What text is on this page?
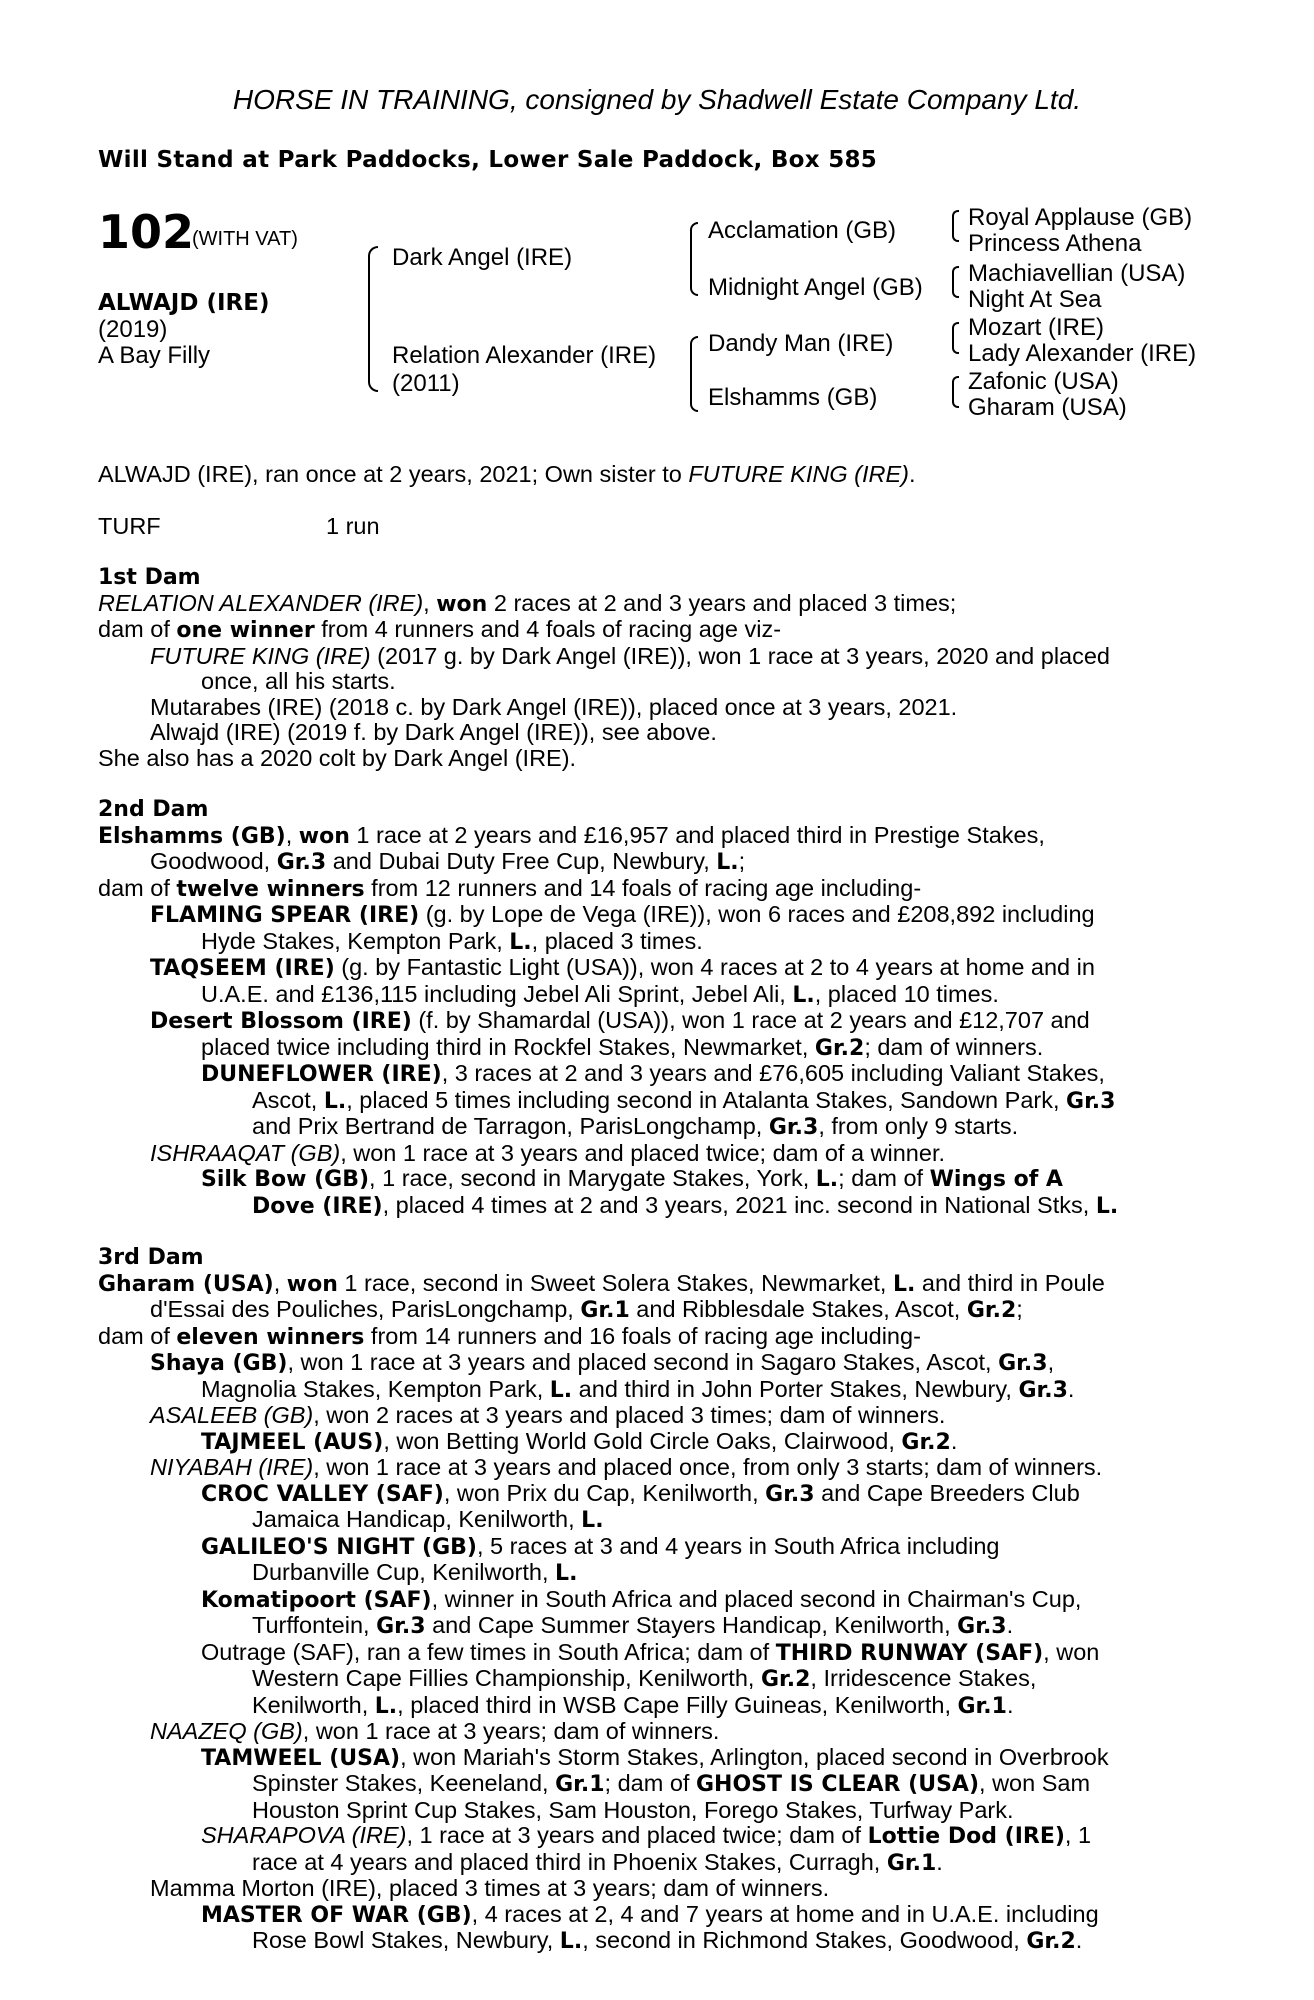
HORSE IN TRAINING, consigned by Shadwell Estate Company Ltd.
Will Stand at Park Paddocks, Lower Sale Paddock, Box 585
102
(WITH VAT)
ALWAJD (IRE)
(2019)
A Bay Filly
Dark Angel (IRE)
Relation Alexander (IRE)
(2011)
Acclamation (GB)
Midnight Angel (GB)
Dandy Man (IRE)
Elshamms (GB)
Royal Applause (GB)
Princess Athena
Machiavellian (USA)
Night At Sea
Mozart (IRE)
Lady Alexander (IRE)
Zafonic (USA)
Gharam (USA)
ALWAJD (IRE), ran once at 2 years, 2021; Own sister to FUTURE KING (IRE).
TURF	1 run
1st Dam
RELATION ALEXANDER (IRE), won 2 races at 2 and 3 years and placed 3 times;
dam of one winner from 4 runners and 4 foals of racing age viz-
FUTURE KING (IRE) (2017 g. by Dark Angel (IRE)), won 1 race at 3 years, 2020 and placed
once, all his starts.
Mutarabes (IRE) (2018 c. by Dark Angel (IRE)), placed once at 3 years, 2021.
Alwajd (IRE) (2019 f. by Dark Angel (IRE)), see above.
She also has a 2020 colt by Dark Angel (IRE).
2nd Dam
Elshamms (GB), won 1 race at 2 years and £16,957 and placed third in Prestige Stakes,
Goodwood, Gr.3 and Dubai Duty Free Cup, Newbury, L.;
dam of twelve winners from 12 runners and 14 foals of racing age including-
FLAMING SPEAR (IRE) (g. by Lope de Vega (IRE)), won 6 races and £208,892 including
Hyde Stakes, Kempton Park, L., placed 3 times.
TAQSEEM (IRE) (g. by Fantastic Light (USA)), won 4 races at 2 to 4 years at home and in
U.A.E. and £136,115 including Jebel Ali Sprint, Jebel Ali, L., placed 10 times.
Desert Blossom (IRE) (f. by Shamardal (USA)), won 1 race at 2 years and £12,707 and
placed twice including third in Rockfel Stakes, Newmarket, Gr.2; dam of winners.
DUNEFLOWER (IRE), 3 races at 2 and 3 years and £76,605 including Valiant Stakes,
Ascot, L., placed 5 times including second in Atalanta Stakes, Sandown Park, Gr.3
and Prix Bertrand de Tarragon, ParisLongchamp, Gr.3, from only 9 starts.
ISHRAAQAT (GB), won 1 race at 3 years and placed twice; dam of a winner.
Silk Bow (GB), 1 race, second in Marygate Stakes, York, L.; dam of Wings of A
Dove (IRE), placed 4 times at 2 and 3 years, 2021 inc. second in National Stks, L.
3rd Dam
Gharam (USA), won 1 race, second in Sweet Solera Stakes, Newmarket, L. and third in Poule
d'Essai des Pouliches, ParisLongchamp, Gr.1 and Ribblesdale Stakes, Ascot, Gr.2;
dam of eleven winners from 14 runners and 16 foals of racing age including-
Shaya (GB), won 1 race at 3 years and placed second in Sagaro Stakes, Ascot, Gr.3,
Magnolia Stakes, Kempton Park, L. and third in John Porter Stakes, Newbury, Gr.3.
ASALEEB (GB), won 2 races at 3 years and placed 3 times; dam of winners.
TAJMEEL (AUS), won Betting World Gold Circle Oaks, Clairwood, Gr.2.
NIYABAH (IRE), won 1 race at 3 years and placed once, from only 3 starts; dam of winners.
CROC VALLEY (SAF), won Prix du Cap, Kenilworth, Gr.3 and Cape Breeders Club
Jamaica Handicap, Kenilworth, L.
GALILEO'S NIGHT (GB), 5 races at 3 and 4 years in South Africa including
Durbanville Cup, Kenilworth, L.
Komatipoort (SAF), winner in South Africa and placed second in Chairman's Cup,
Turffontein, Gr.3 and Cape Summer Stayers Handicap, Kenilworth, Gr.3.
Outrage (SAF), ran a few times in South Africa; dam of THIRD RUNWAY (SAF), won
Western Cape Fillies Championship, Kenilworth, Gr.2, Irridescence Stakes,
Kenilworth, L., placed third in WSB Cape Filly Guineas, Kenilworth, Gr.1.
NAAZEQ (GB), won 1 race at 3 years; dam of winners.
TAMWEEL (USA), won Mariah's Storm Stakes, Arlington, placed second in Overbrook
Spinster Stakes, Keeneland, Gr.1; dam of GHOST IS CLEAR (USA), won Sam
Houston Sprint Cup Stakes, Sam Houston, Forego Stakes, Turfway Park.
SHARAPOVA (IRE), 1 race at 3 years and placed twice; dam of Lottie Dod (IRE), 1
race at 4 years and placed third in Phoenix Stakes, Curragh, Gr.1.
Mamma Morton (IRE), placed 3 times at 3 years; dam of winners.
MASTER OF WAR (GB), 4 races at 2, 4 and 7 years at home and in U.A.E. including
Rose Bowl Stakes, Newbury, L., second in Richmond Stakes, Goodwood, Gr.2.
